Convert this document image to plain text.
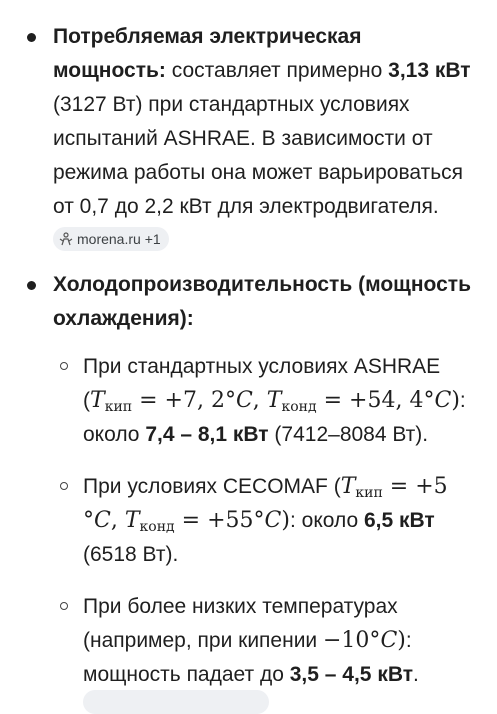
Потребляемая электрическая мощность: составляет примерно 3,13 кВт (3127 Вт) при стандартных условиях испытаний ASHRAE. В зависимости от режима работы она может варьироваться от 0,7 до 2,2 кВт для электродвигателя. morena.ru +1
Холодопроизводительность (мощность охлаждения):
При стандартных условиях ASHRAE ($T_{кип} = +7$, 2°C, $T_{конд} = +54$, 4°C): около 7,4 – 8,1 кВт (7412–8084 Вт).
При условиях CECOMAF ($T_{кип} = +5$ °C, $T_{конд} = +55^\circ C$): около 6,5 кВт (6518 Вт).
При более низких температурах (например, при кипении −10°C): мощность падает до 3,5 – 4,5 кВт.
